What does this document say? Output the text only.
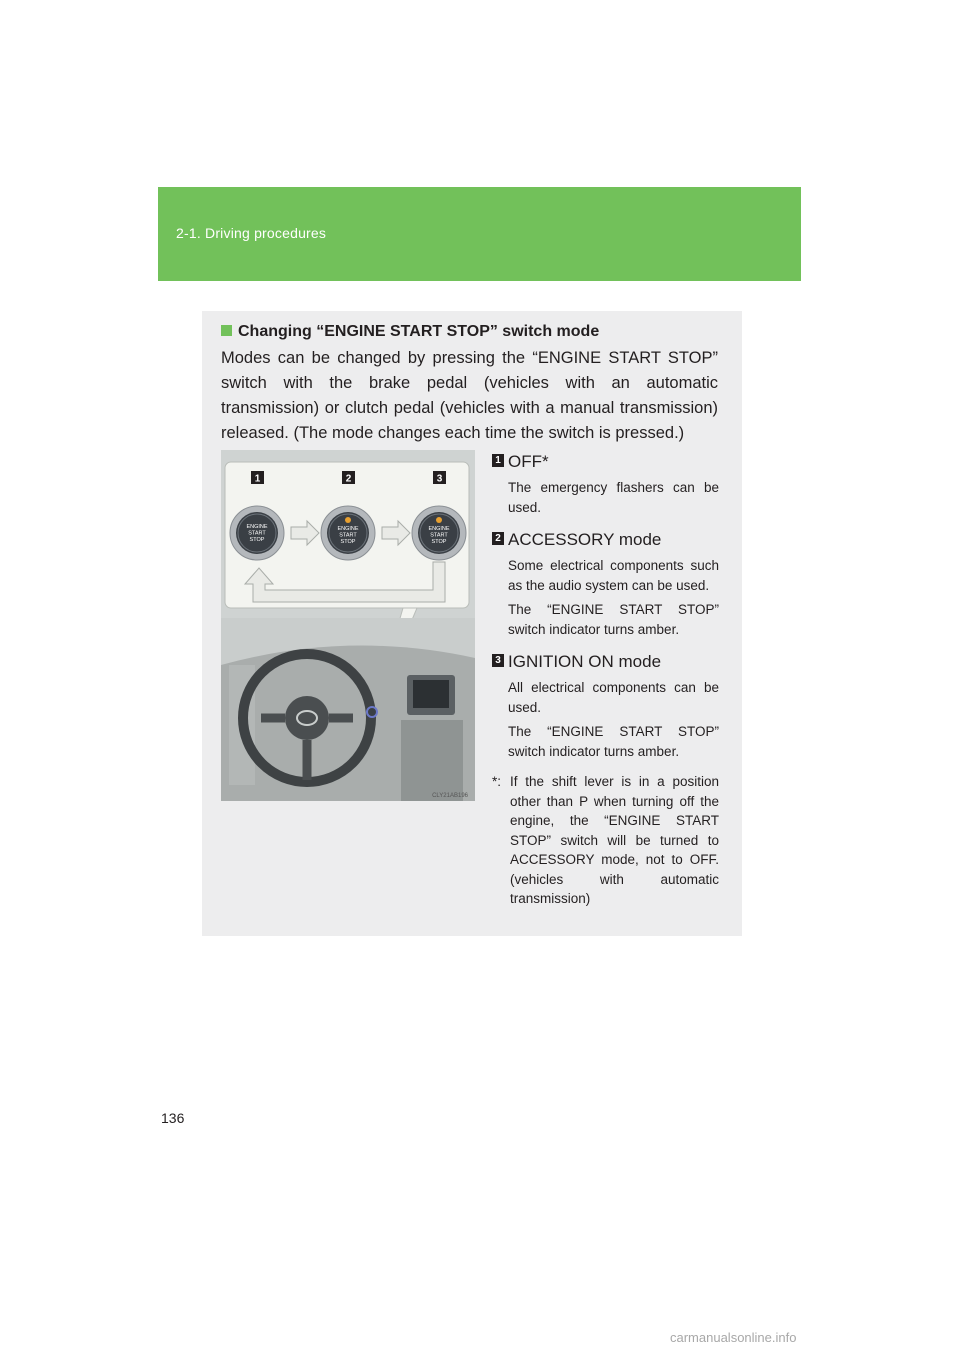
2-1. Driving procedures
Changing “ENGINE START STOP” switch mode
Modes can be changed by pressing the “ENGINE START STOP” switch with the brake pedal (vehicles with an automatic transmission) or clutch pedal (vehicles with a manual transmission) released. (The mode changes each time the switch is pressed.)
1	2	3
ENGINE
START
STOP
ENGINE
START
STOP
ENGINE
START
STOP
CLY21AB196
1 OFF*
The emergency flashers can be used.
2 ACCESSORY mode
Some electrical components such as the audio system can be used.
The “ENGINE START STOP” switch indicator turns amber.
3 IGNITION ON mode
All electrical components can be used.
The “ENGINE START STOP” switch indicator turns amber.
*: If the shift lever is in a position other than P when turning off the engine, the “ENGINE START STOP” switch will be turned to ACCESSORY mode, not to OFF. (vehicles with automatic transmission)
136
carmanualsonline.info
